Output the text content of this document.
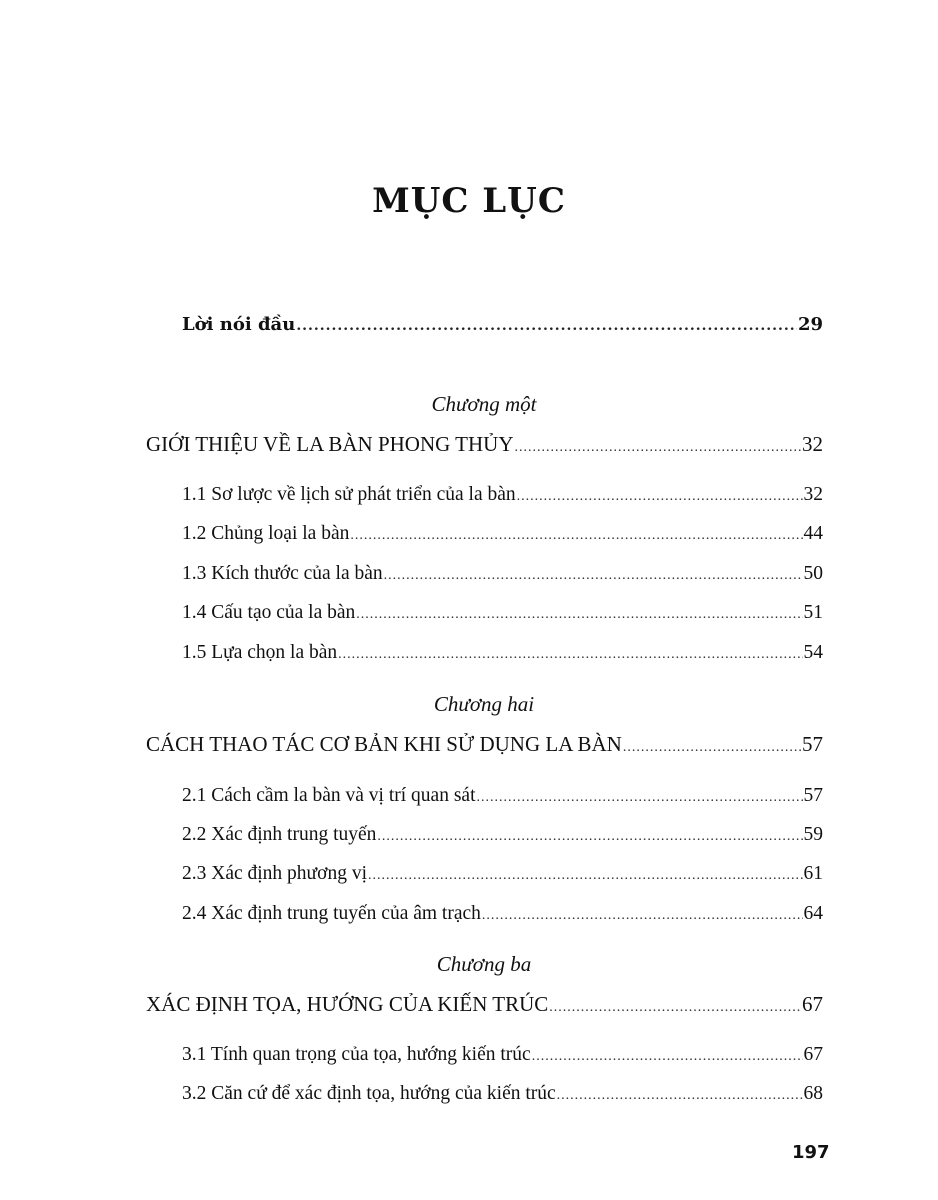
MỤC LỤC
Lời nói đầu .....	29
Chương một
GIỚI THIỆU VỀ LA BÀN PHONG THỦY .....	32
1.1 Sơ lược về lịch sử phát triển của la bàn .....	32
1.2 Chủng loại la bàn .....	44
1.3 Kích thước của la bàn .....	50
1.4 Cấu tạo của la bàn .....	51
1.5 Lựa chọn la bàn .....	54
Chương hai
CÁCH THAO TÁC CƠ BẢN KHI SỬ DỤNG LA BÀN .....	57
2.1 Cách cầm la bàn và vị trí quan sát .....	57
2.2 Xác định trung tuyến .....	59
2.3 Xác định phương vị .....	61
2.4 Xác định trung tuyến của âm trạch .....	64
Chương ba
XÁC ĐỊNH TỌA, HƯỚNG CỦA KIẾN TRÚC .....	67
3.1 Tính quan trọng của tọa, hướng kiến trúc .....	67
3.2 Căn cứ để xác định tọa, hướng của kiến trúc .....	68
197
